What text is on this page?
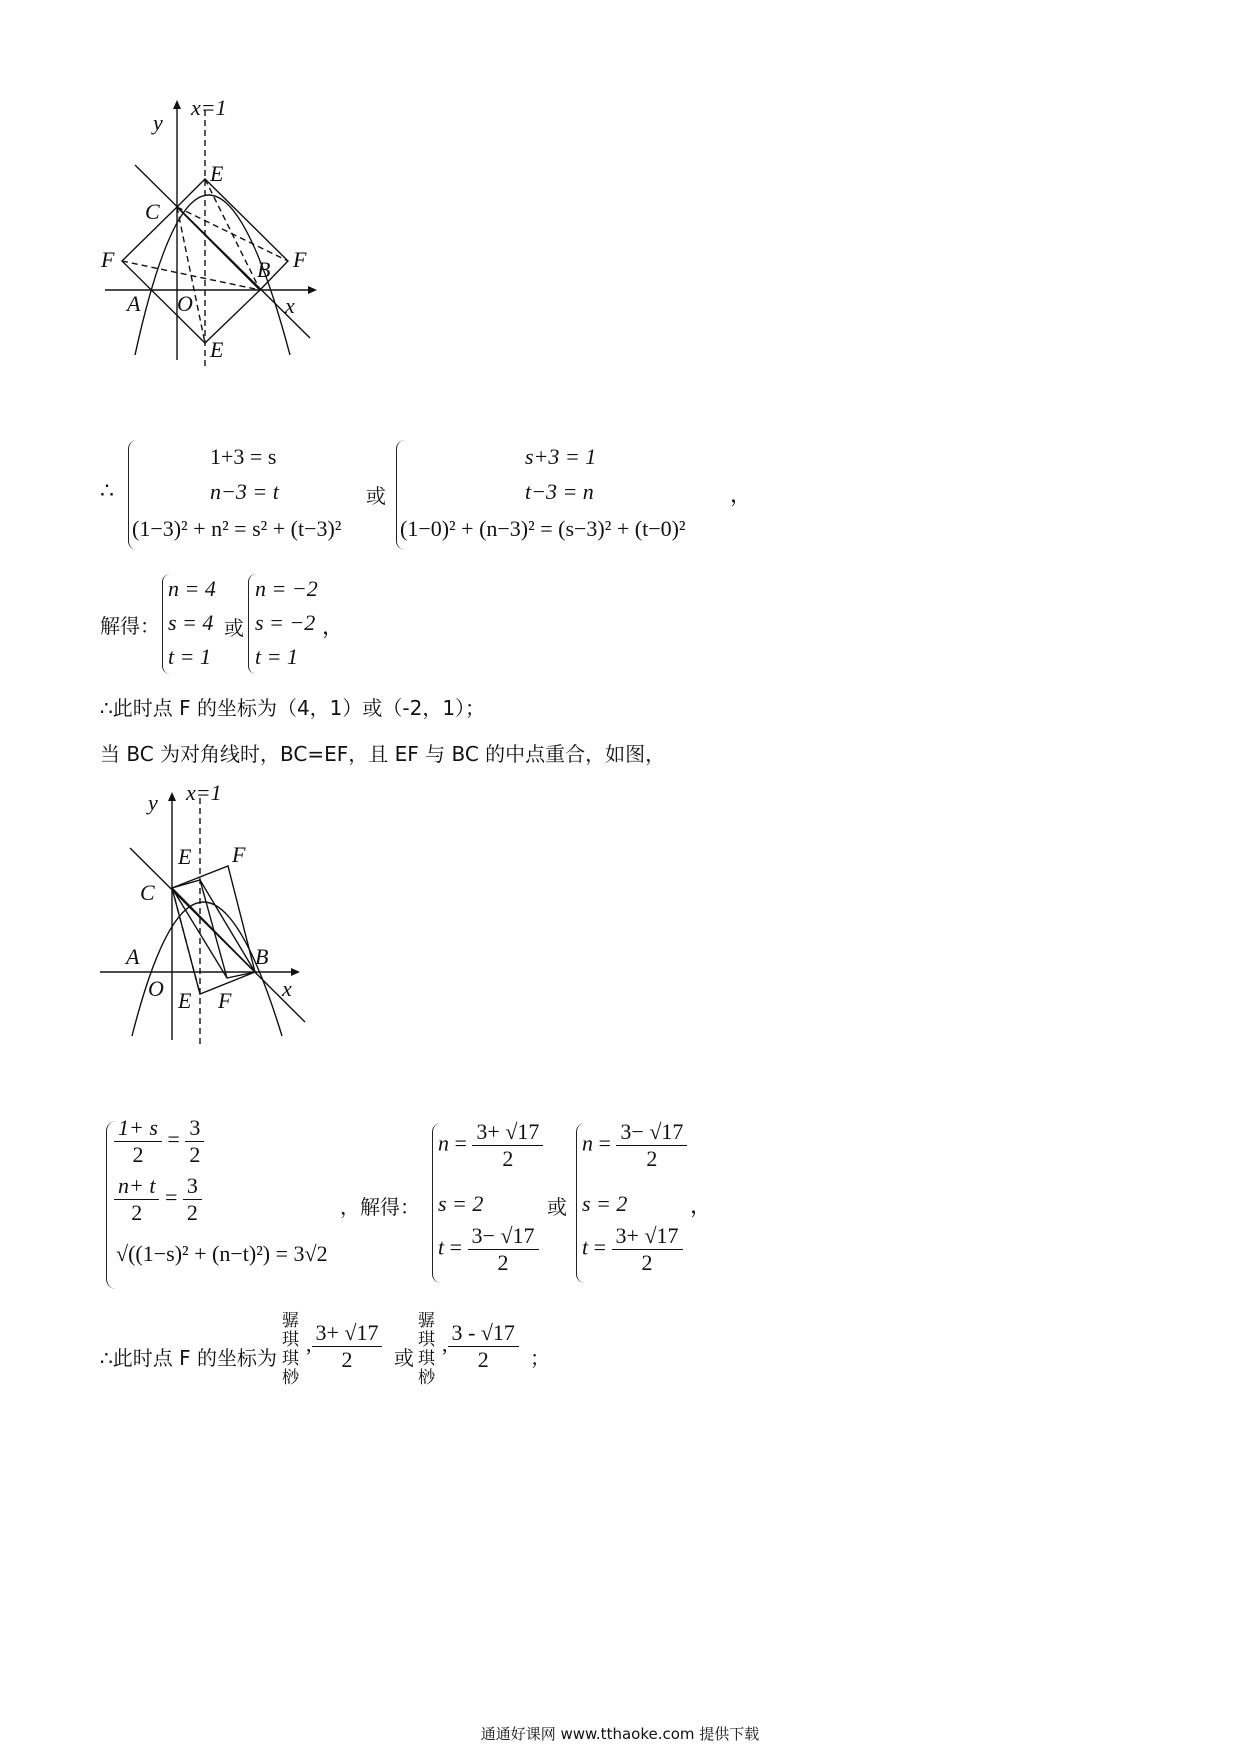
x=1
y
x
E
C
F	F
B
A O
E
∴
1+3 = s
n−3 = t
(1−3)² + n² = s² + (t−3)²
或
s+3 = 1
t−3 = n
(1−0)² + (n−3)² = (s−3)² + (t−0)²
，
解得：
n = 4
s = 4
t = 1
或
n = −2
s = −2
t = 1
，
∴此时点 F 的坐标为（4，1）或（-2，1）；
当 BC 为对角线时，BC=EF，且 EF 与 BC 的中点重合，如图，
x=1
y
x
E F
C
A	B
O E F
$\frac{1+ s}{2} = \frac{3}{2}$
$\frac{n+ t}{2} = \frac{3}{2}$
√((1−s)² + (n−t)²) = 3√2
，解得：
$n = \frac{3+ √17}{2}$
s = 2
$t = \frac{3- √17}{2}$
或
$n = \frac{3- √17}{2}$
s = 2
$t = \frac{3+ √17}{2}$
，
∴此时点 F 的坐标为
骣
琪
琪
桫
, $\frac{3+ √17}{2}$ 或
骣
琪
琪
桫
, $\frac{3 - √17}{2}$ ；
通通好课网 www.tthaoke.com 提供下载
